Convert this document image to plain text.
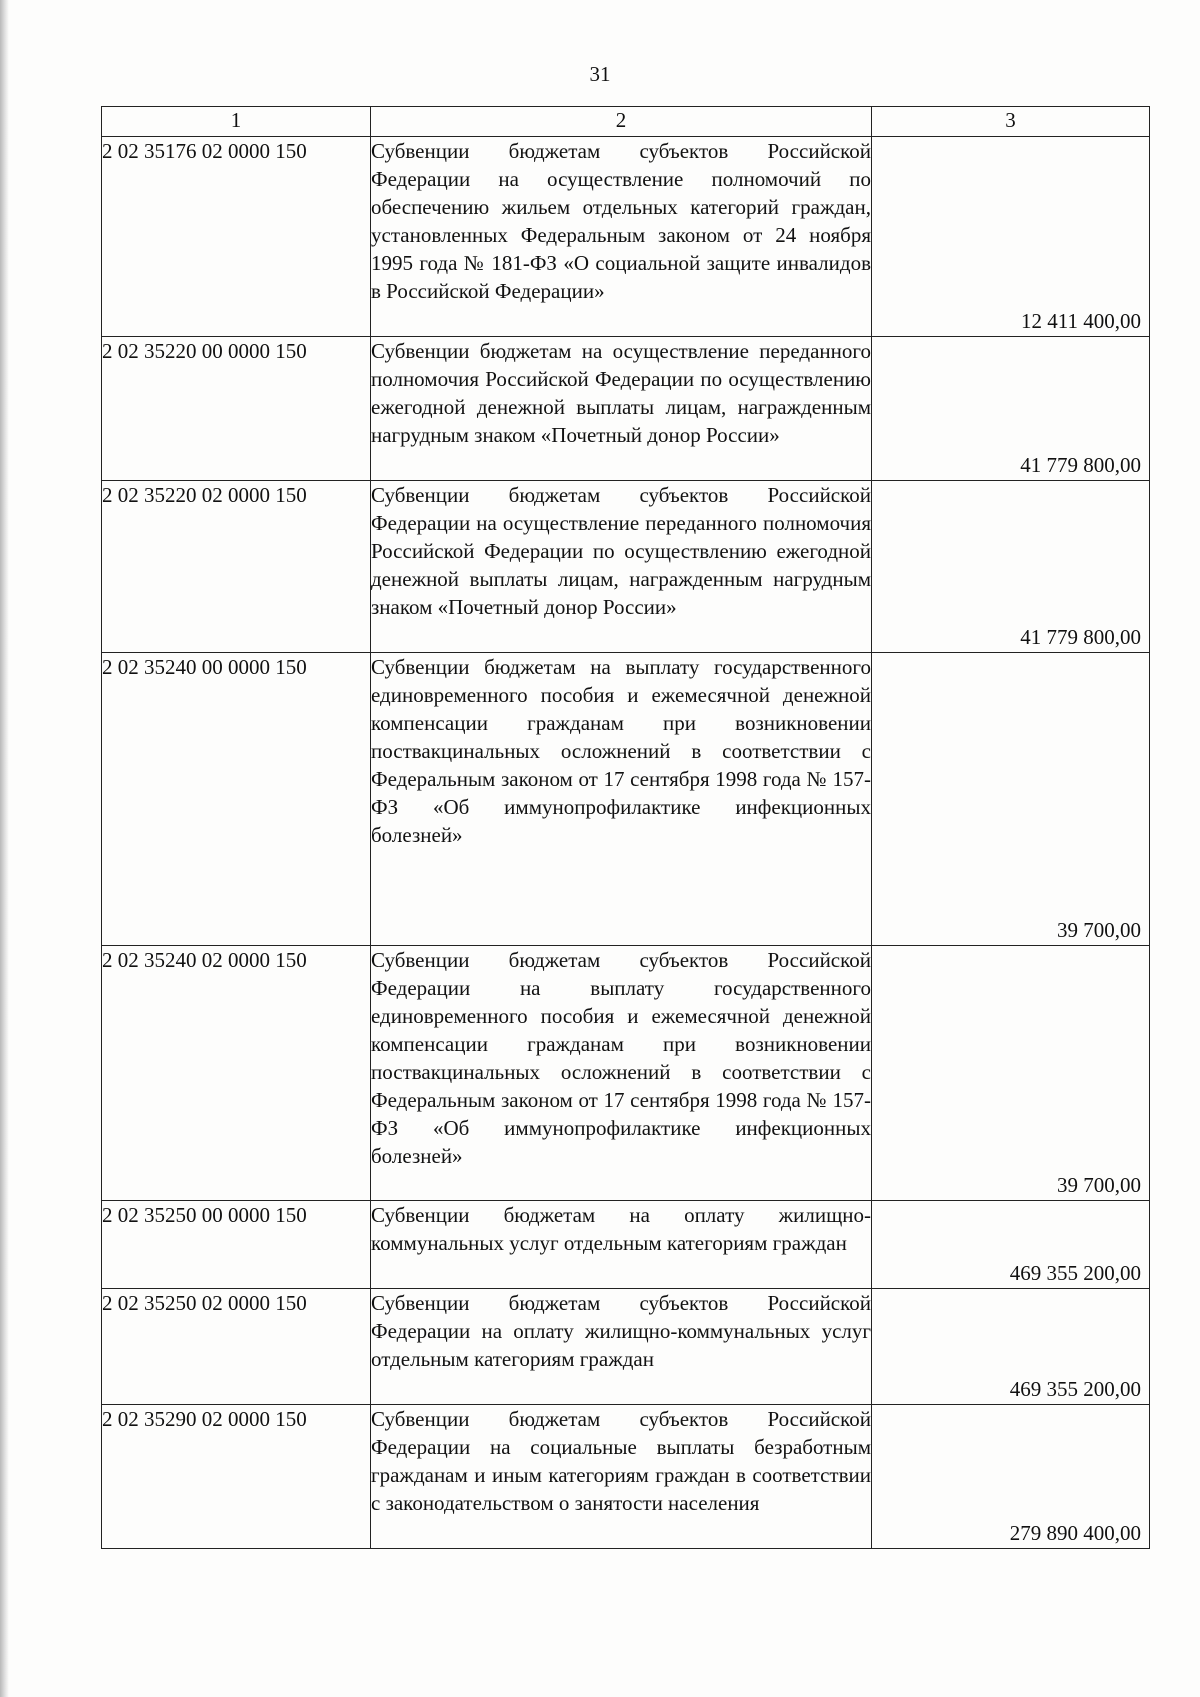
31
1	2	3
2 02 35176 02 0000 150	Субвенции бюджетам субъектов Российской Федерации на осуществление полномочий по обеспечению жильем отдельных категорий граждан, установленных Федеральным законом от 24 ноября 1995 года № 181-ФЗ «О социальной защите инвалидов в Российской Федерации»	12 411 400,00
2 02 35220 00 0000 150	Субвенции бюджетам на осуществление переданного полномочия Российской Федерации по осуществлению ежегодной денежной выплаты лицам, награжденным нагрудным знаком «Почетный донор России»	41 779 800,00
2 02 35220 02 0000 150	Субвенции бюджетам субъектов Российской Федерации на осуществление переданного полномочия Российской Федерации по осуществлению ежегодной денежной выплаты лицам, награжденным нагрудным знаком «Почетный донор России»	41 779 800,00
2 02 35240 00 0000 150	Субвенции бюджетам на выплату государственного единовременного пособия и ежемесячной денежной компенсации гражданам при возникновении поствакцинальных осложнений в соответствии с Федеральным законом от 17 сентября 1998 года № 157-ФЗ «Об иммунопрофилактике инфекционных болезней»	39 700,00
2 02 35240 02 0000 150	Субвенции бюджетам субъектов Российской Федерации на выплату государственного единовременного пособия и ежемесячной денежной компенсации гражданам при возникновении поствакцинальных осложнений в соответствии с Федеральным законом от 17 сентября 1998 года № 157-ФЗ «Об иммунопрофилактике инфекционных болезней»	39 700,00
2 02 35250 00 0000 150	Субвенции бюджетам на оплату жилищно-коммунальных услуг отдельным категориям граждан	469 355 200,00
2 02 35250 02 0000 150	Субвенции бюджетам субъектов Российской Федерации на оплату жилищно-коммунальных услуг отдельным категориям граждан	469 355 200,00
2 02 35290 02 0000 150	Субвенции бюджетам субъектов Российской Федерации на социальные выплаты безработным гражданам и иным категориям граждан в соответствии с законодательством о занятости населения	279 890 400,00
